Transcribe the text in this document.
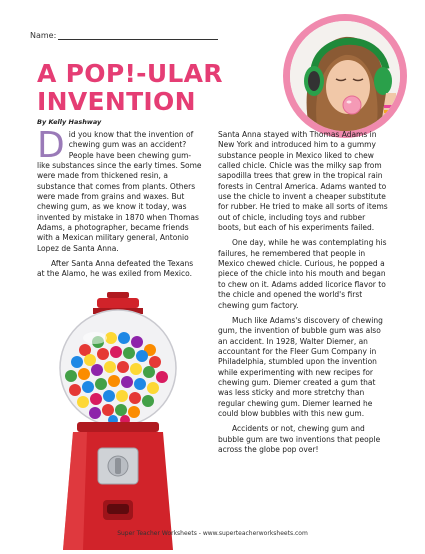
Name:
A POP!-ULAR
INVENTION
By Kelly Hashway

Did you know that the invention of chewing gum was an accident? People have been chewing gum-like substances since the early times. Some were made from thickened resin, a substance that comes from plants. Others were made from grains and waxes. But chewing gum, as we know it today, was invented by mistake in 1870 when Thomas Adams, a photographer, became friends with a Mexican military general, Antonio Lopez de Santa Anna.

After Santa Anna defeated the Texans at the Alamo, he was exiled from Mexico.

Santa Anna stayed with Thomas Adams in New York and introduced him to a gummy substance people in Mexico liked to chew called chicle. Chicle was the milky sap from sapodilla trees that grew in the tropical rain forests in Central America. Adams wanted to use the chicle to invent a cheaper substitute for rubber. He tried to make all sorts of items out of chicle, including toys and rubber boots, but each of his experiments failed.

One day, while he was contemplating his failures, he remembered that people in Mexico chewed chicle. Curious, he popped a piece of the chicle into his mouth and began to chew on it. Adams added licorice flavor to the chicle and opened the world's first chewing gum factory.

Much like Adams's discovery of chewing gum, the invention of bubble gum was also an accident. In 1928, Walter Diemer, an accountant for the Fleer Gum Company in Philadelphia, stumbled upon the invention while experimenting with new recipes for chewing gum. Diemer created a gum that was less sticky and more stretchy than regular chewing gum. Diemer learned he could blow bubbles with this new gum.

Accidents or not, chewing gum and bubble gum are two inventions that people across the globe pop over!

Super Teacher Worksheets - www.superteacherworksheets.com
